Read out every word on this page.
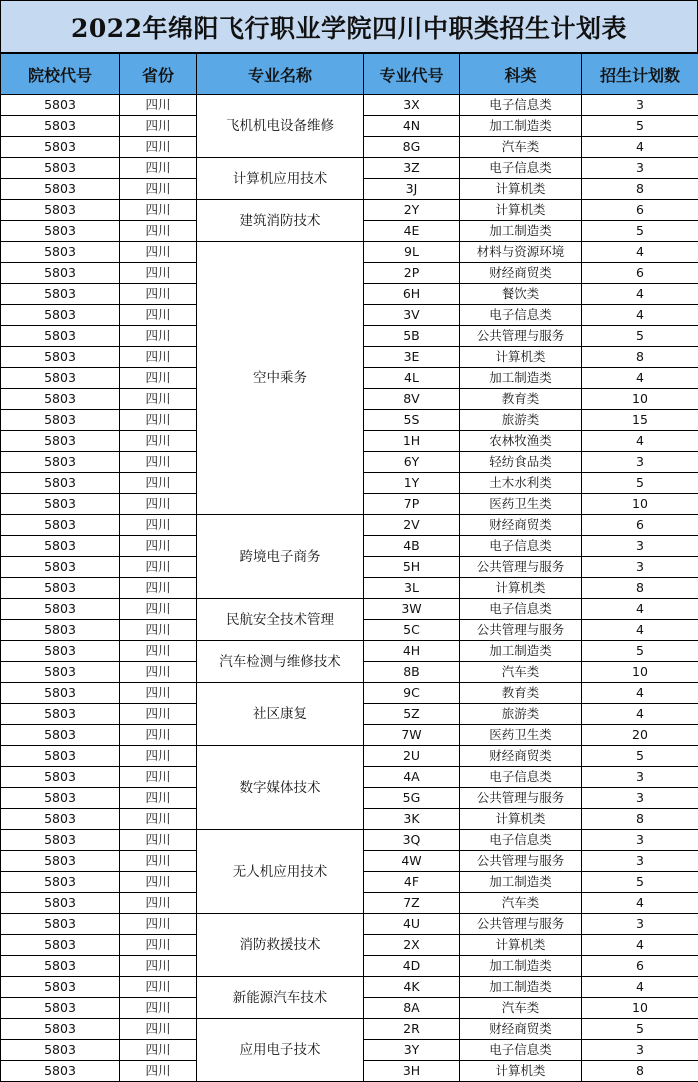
2022年绵阳飞行职业学院四川中职类招生计划表
院校代号	省份	专业名称	专业代号	科类	招生计划数
5803	四川	飞机机电设备维修	3X	电子信息类	3
5803	四川		4N	加工制造类	5
5803	四川		8G	汽车类	4
5803	四川	计算机应用技术	3Z	电子信息类	3
5803	四川		3J	计算机类	8
5803	四川	建筑消防技术	2Y	计算机类	6
5803	四川		4E	加工制造类	5
5803	四川	空中乘务	9L	材料与资源环境	4
5803	四川		2P	财经商贸类	6
5803	四川		6H	餐饮类	4
5803	四川		3V	电子信息类	4
5803	四川		5B	公共管理与服务	5
5803	四川		3E	计算机类	8
5803	四川		4L	加工制造类	4
5803	四川		8V	教育类	10
5803	四川		5S	旅游类	15
5803	四川		1H	农林牧渔类	4
5803	四川		6Y	轻纺食品类	3
5803	四川		1Y	土木水利类	5
5803	四川		7P	医药卫生类	10
5803	四川	跨境电子商务	2V	财经商贸类	6
5803	四川		4B	电子信息类	3
5803	四川		5H	公共管理与服务	3
5803	四川		3L	计算机类	8
5803	四川	民航安全技术管理	3W	电子信息类	4
5803	四川		5C	公共管理与服务	4
5803	四川	汽车检测与维修技术	4H	加工制造类	5
5803	四川		8B	汽车类	10
5803	四川	社区康复	9C	教育类	4
5803	四川		5Z	旅游类	4
5803	四川		7W	医药卫生类	20
5803	四川	数字媒体技术	2U	财经商贸类	5
5803	四川		4A	电子信息类	3
5803	四川		5G	公共管理与服务	3
5803	四川		3K	计算机类	8
5803	四川	无人机应用技术	3Q	电子信息类	3
5803	四川		4W	公共管理与服务	3
5803	四川		4F	加工制造类	5
5803	四川		7Z	汽车类	4
5803	四川	消防救援技术	4U	公共管理与服务	3
5803	四川		2X	计算机类	4
5803	四川		4D	加工制造类	6
5803	四川	新能源汽车技术	4K	加工制造类	4
5803	四川		8A	汽车类	10
5803	四川	应用电子技术	2R	财经商贸类	5
5803	四川		3Y	电子信息类	3
5803	四川		3H	计算机类	8
